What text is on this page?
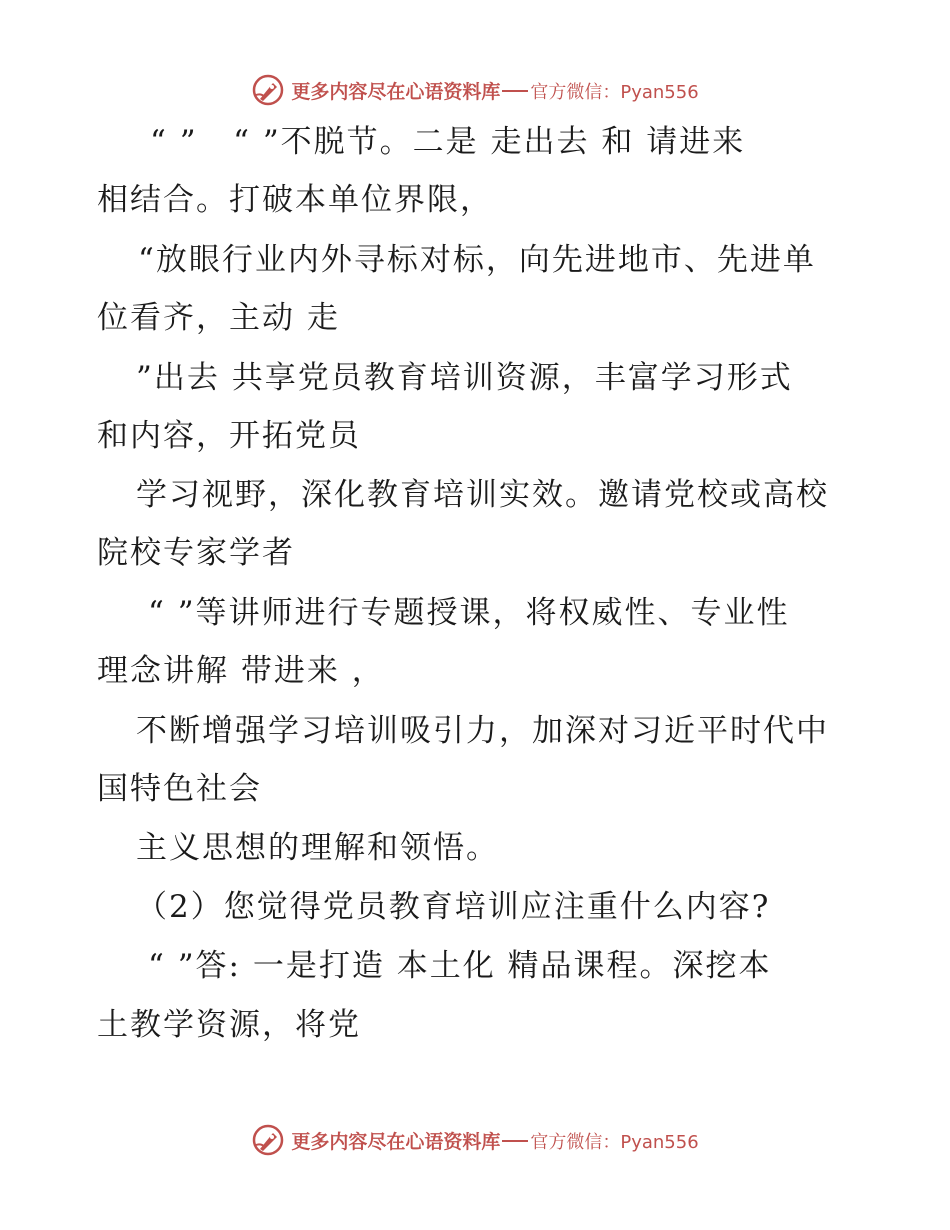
更多内容尽在心语资料库 官方微信：Pyan556
“ ”   “ ”不脱节。二是 走出去 和 请进来
相结合。打破本单位界限，
“放眼行业内外寻标对标，向先进地市、先进单
位看齐，主动 走
”出去 共享党员教育培训资源，丰富学习形式
和内容，开拓党员
学习视野，深化教育培训实效。邀请党校或高校
院校专家学者
“ ”等讲师进行专题授课，将权威性、专业性
理念讲解 带进来 ，
不断增强学习培训吸引力，加深对习近平时代中
国特色社会
主义思想的理解和领悟。
（2）您觉得党员教育培训应注重什么内容?
“ ”答: 一是打造 本土化 精品课程。深挖本
土教学资源，将党
更多内容尽在心语资料库 官方微信：Pyan556
